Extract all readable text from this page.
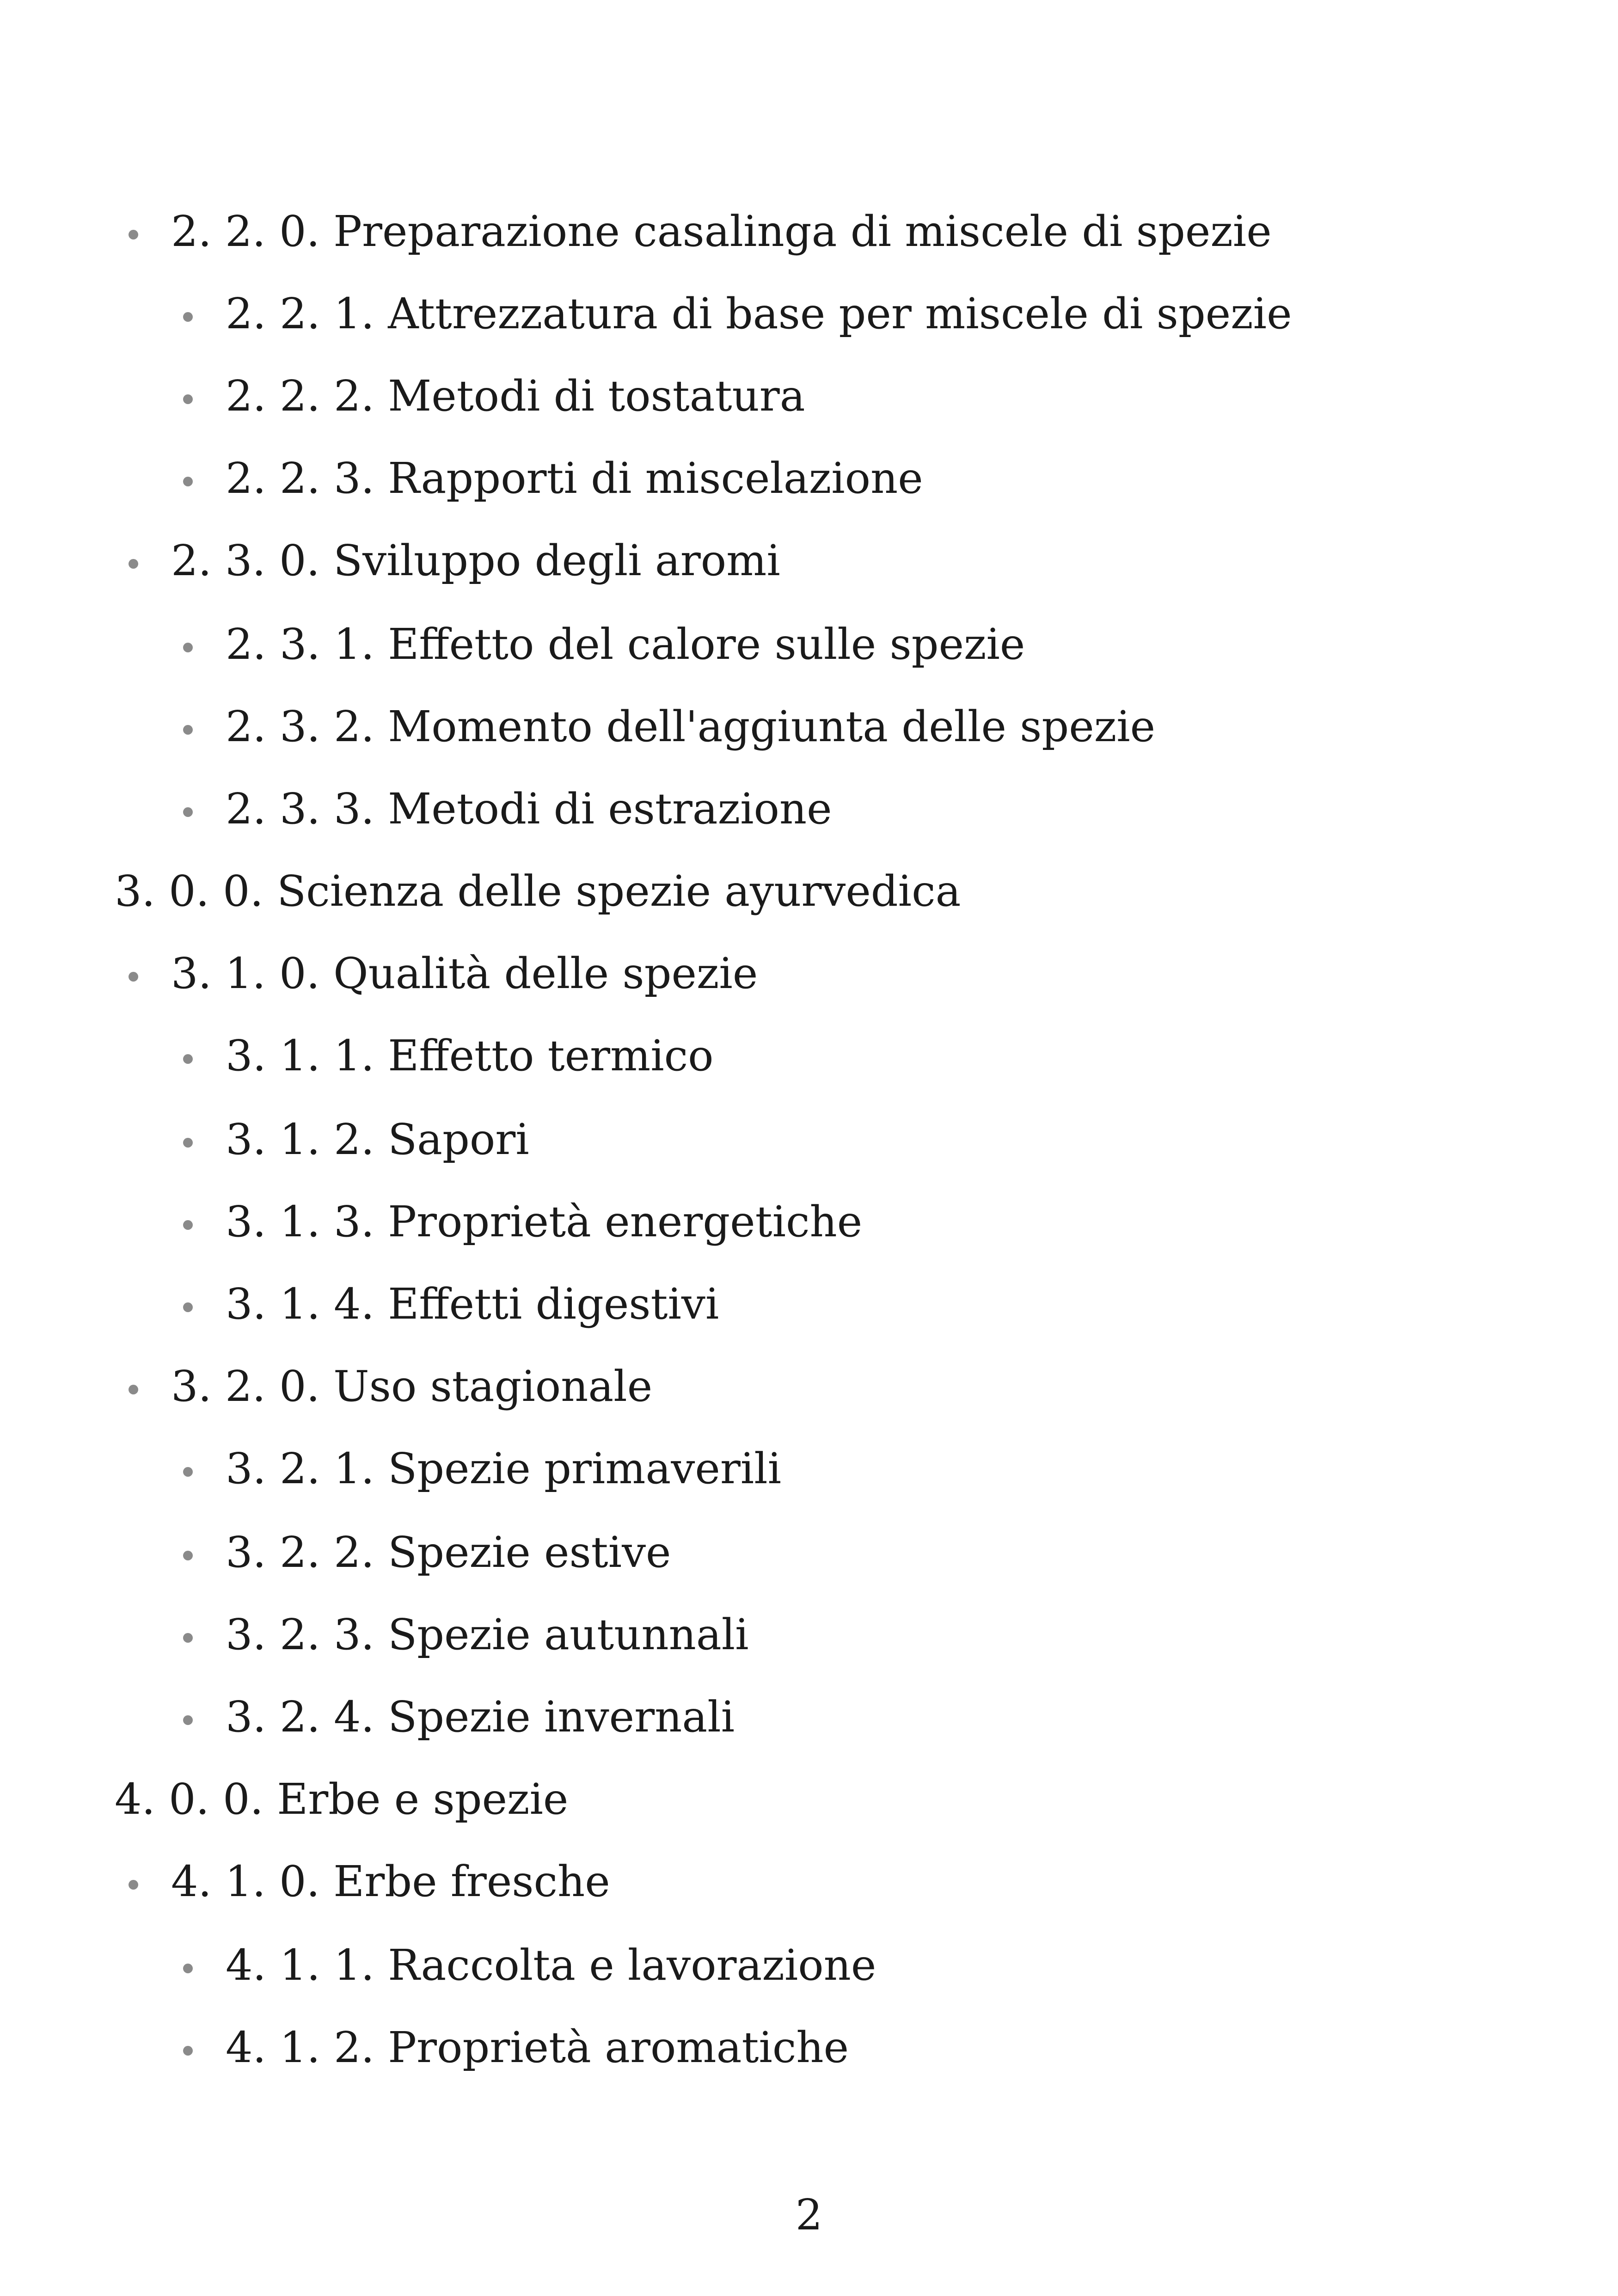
2. 2. 0. Preparazione casalinga di miscele di spezie
2. 2. 1. Attrezzatura di base per miscele di spezie
2. 2. 2. Metodi di tostatura
2. 2. 3. Rapporti di miscelazione
2. 3. 0. Sviluppo degli aromi
2. 3. 1. Effetto del calore sulle spezie
2. 3. 2. Momento dell'aggiunta delle spezie
2. 3. 3. Metodi di estrazione
3. 0. 0. Scienza delle spezie ayurvedica
3. 1. 0. Qualità delle spezie
3. 1. 1. Effetto termico
3. 1. 2. Sapori
3. 1. 3. Proprietà energetiche
3. 1. 4. Effetti digestivi
3. 2. 0. Uso stagionale
3. 2. 1. Spezie primaverili
3. 2. 2. Spezie estive
3. 2. 3. Spezie autunnali
3. 2. 4. Spezie invernali
4. 0. 0. Erbe e spezie
4. 1. 0. Erbe fresche
4. 1. 1. Raccolta e lavorazione
4. 1. 2. Proprietà aromatiche
2
